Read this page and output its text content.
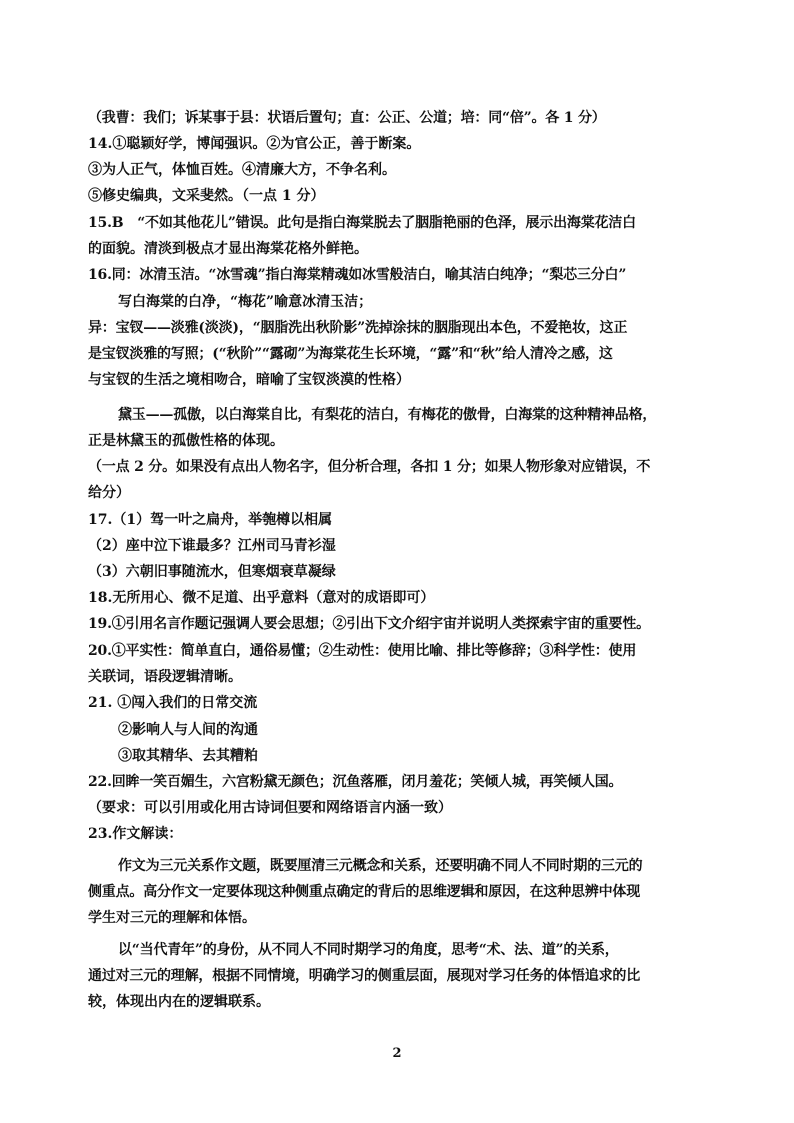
（我曹：我们；诉某事于县：状语后置句；直：公正、公道；培：同“倍”。各 1 分）
14.①聪颖好学，博闻强识。②为官公正，善于断案。
③为人正气，体恤百姓。④清廉大方，不争名利。
⑤修史编典，文采斐然。（一点 1 分）
15.B　“不如其他花儿”错误。此句是指白海棠脱去了胭脂艳丽的色泽，展示出海棠花洁白
的面貌。清淡到极点才显出海棠花格外鲜艳。
16.同：冰清玉洁。“冰雪魂”指白海棠精魂如冰雪般洁白，喻其洁白纯净；“梨芯三分白”
写白海棠的白净，“梅花”喻意冰清玉洁；
异：宝钗——淡雅(淡淡)，“胭脂洗出秋阶影”洗掉涂抹的胭脂现出本色，不爱艳妆，这正
是宝钗淡雅的写照；(“秋阶”“露砌”为海棠花生长环境，“露”和“秋”给人清冷之感，这
与宝钗的生活之境相吻合，暗喻了宝钗淡漠的性格）
黛玉——孤傲，以白海棠自比，有梨花的洁白，有梅花的傲骨，白海棠的这种精神品格，
正是林黛玉的孤傲性格的体现。
（一点 2 分。如果没有点出人物名字，但分析合理，各扣 1 分；如果人物形象对应错误，不
给分）
17.（1）驾一叶之扁舟，举匏樽以相属
（2）座中泣下谁最多？江州司马青衫湿
（3）六朝旧事随流水，但寒烟衰草凝绿
18.无所用心、微不足道、出乎意料（意对的成语即可）
19.①引用名言作题记强调人要会思想；②引出下文介绍宇宙并说明人类探索宇宙的重要性。
20.①平实性：简单直白，通俗易懂；②生动性：使用比喻、排比等修辞；③科学性：使用
关联词，语段逻辑清晰。
21. ①闯入我们的日常交流
②影响人与人间的沟通
③取其精华、去其糟粕
22.回眸一笑百媚生，六宫粉黛无颜色；沉鱼落雁，闭月羞花；笑倾人城，再笑倾人国。
（要求：可以引用或化用古诗词但要和网络语言内涵一致）
23.作文解读：
作文为三元关系作文题，既要厘清三元概念和关系，还要明确不同人不同时期的三元的
侧重点。高分作文一定要体现这种侧重点确定的背后的思维逻辑和原因，在这种思辨中体现
学生对三元的理解和体悟。
以“当代青年”的身份，从不同人不同时期学习的角度，思考“术、法、道”的关系，
通过对三元的理解，根据不同情境，明确学习的侧重层面，展现对学习任务的体悟追求的比
较，体现出内在的逻辑联系。
2
